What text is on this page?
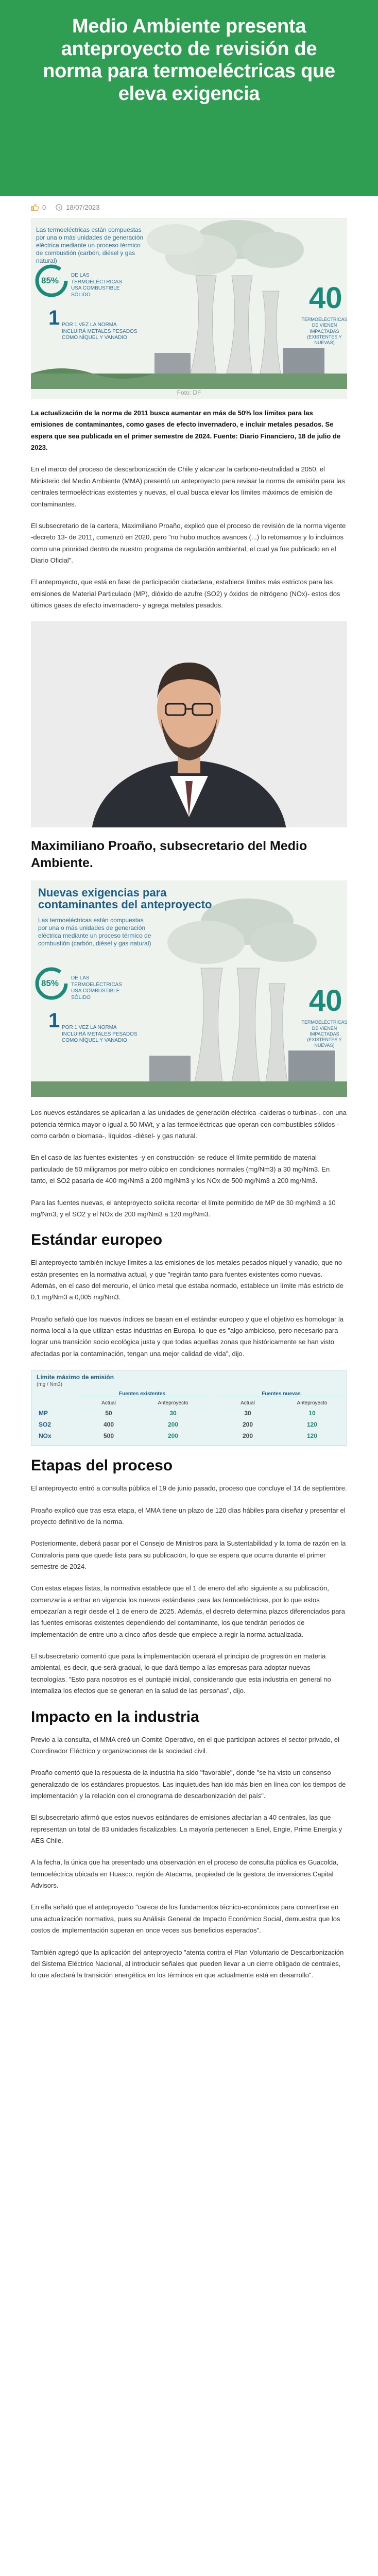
Medio Ambiente presenta anteproyecto de revisión de norma para termoeléctricas que eleva exigencia
0	18/07/2023
Las termoeléctricas están compuestas por una o más unidades de generación eléctrica mediante un proceso térmico de combustión (carbón, diésel y gas natural)
85%
DE LAS TERMOELÉCTRICAS USA COMBUSTIBLE SÓLIDO
1 POR 1 VEZ LA NORMA INCLUIRÁ METALES PESADOS COMO NÍQUEL Y VANADIO
40
TERMOELÉCTRICAS DE VIENEN IMPACTADAS (EXISTENTES Y NUEVAS)
Foto: DF

La actualización de la norma de 2011 busca aumentar en más de 50% los límites para las emisiones de contaminantes, como gases de efecto invernadero, e incluir metales pesados. Se espera que sea publicada en el primer semestre de 2024. Fuente: Diario Financiero, 18 de julio de 2023.

En el marco del proceso de descarbonización de Chile y alcanzar la carbono-neutralidad a 2050, el Ministerio del Medio Ambiente (MMA) presentó un anteproyecto para revisar la norma de emisión para las centrales termoeléctricas existentes y nuevas, el cual busca elevar los límites máximos de emisión de contaminantes.

El subsecretario de la cartera, Maximiliano Proaño, explicó que el proceso de revisión de la norma vigente -decreto 13- de 2011, comenzó en 2020, pero "no hubo muchos avances (...) lo retomamos y lo incluimos como una prioridad dentro de nuestro programa de regulación ambiental, el cual ya fue publicado en el Diario Oficial".

El anteproyecto, que está en fase de participación ciudadana, establece límites más estrictos para las emisiones de Material Particulado (MP), dióxido de azufre (SO2) y óxidos de nitrógeno (NOx)- estos dos últimos gases de efecto invernadero- y agrega metales pesados.

Maximiliano Proaño, subsecretario del Medio Ambiente.
Nuevas exigencias para contaminantes del anteproyecto
Las termoeléctricas están compuestas por una o más unidades de generación eléctrica mediante un proceso térmico de combustión (carbón, diésel y gas natural)
85%
DE LAS TERMOELÉCTRICAS USA COMBUSTIBLE SÓLIDO
1 POR 1 VEZ LA NORMA INCLUIRÁ METALES PESADOS COMO NÍQUEL Y VANADIO
40
TERMOELÉCTRICAS DE VIENEN IMPACTADAS (EXISTENTES Y NUEVAS)

Los nuevos estándares se aplicarían a las unidades de generación eléctrica -calderas o turbinas-, con una potencia térmica mayor o igual a 50 MWt, y a las termoeléctricas que operan con combustibles sólidos -como carbón o biomasa-, líquidos -diésel- y gas natural.

En el caso de las fuentes existentes -y en construcción- se reduce el límite permitido de material particulado de 50 miligramos por metro cúbico en condiciones normales (mg/Nm3) a 30 mg/Nm3. En tanto, el SO2 pasaría de 400 mg/Nm3 a 200 mg/Nm3 y los NOx de 500 mg/Nm3 a 200 mg/Nm3.

Para las fuentes nuevas, el anteproyecto solicita recortar el límite permitido de MP de 30 mg/Nm3 a 10 mg/Nm3, y el SO2 y el NOx de 200 mg/Nm3 a 120 mg/Nm3.

Estándar europeo

El anteproyecto también incluye límites a las emisiones de los metales pesados níquel y vanadio, que no están presentes en la normativa actual, y que "regirán tanto para fuentes existentes como nuevas. Además, en el caso del mercurio, el único metal que estaba normado, establece un límite más estricto de 0,1 mg/Nm3 a 0,005 mg/Nm3.

Proaño señaló que los nuevos índices se basan en el estándar europeo y que el objetivo es homologar la norma local a la que utilizan estas industrias en Europa, lo que es "algo ambicioso, pero necesario para lograr una transición socio ecológica justa y que todas aquellas zonas que históricamente se han visto afectadas por la contaminación, tengan una mejor calidad de vida", dijo.

Límite máximo de emisión
(mg / Nm3)
Fuentes existentes	Fuentes nuevas
Actual	Anteproyecto	Actual	Anteproyecto
MP	50	30	30	10
SO2	400	200	200	120
NOx	500	200	200	120
Etapas del proceso

El anteproyecto entró a consulta pública el 19 de junio pasado, proceso que concluye el 14 de septiembre.

Proaño explicó que tras esta etapa, el MMA tiene un plazo de 120 días hábiles para diseñar y presentar el proyecto definitivo de la norma.

Posteriormente, deberá pasar por el Consejo de Ministros para la Sustentabilidad y la toma de razón en la Contraloría para que quede lista para su publicación, lo que se espera que ocurra durante el primer semestre de 2024.

Con estas etapas listas, la normativa establece que el 1 de enero del año siguiente a su publicación, comenzaría a entrar en vigencia los nuevos estándares para las termoeléctricas, por lo que estos empezarían a regir desde el 1 de enero de 2025. Además, el decreto determina plazos diferenciados para las fuentes emisoras existentes dependiendo del contaminante, los que tendrán periodos de implementación de entre uno a cinco años desde que empiece a regir la norma actualizada.

El subsecretario comentó que para la implementación operará el principio de progresión en materia ambiental, es decir, que será gradual, lo que dará tiempo a las empresas para adoptar nuevas tecnologías. "Esto para nosotros es el puntapié inicial, considerando que esta industria en general no internaliza los efectos que se generan en la salud de las personas", dijo.

Impacto en la industria

Previo a la consulta, el MMA creó un Comité Operativo, en el que participan actores el sector privado, el Coordinador Eléctrico y organizaciones de la sociedad civil.

Proaño comentó que la respuesta de la industria ha sido "favorable", donde "se ha visto un consenso generalizado de los estándares propuestos. Las inquietudes han ido más bien en línea con los tiempos de implementación y la relación con el cronograma de descarbonización del país".

El subsecretario afirmó que estos nuevos estándares de emisiones afectarían a 40 centrales, las que representan un total de 83 unidades fiscalizables. La mayoría pertenecen a Enel, Engie, Prime Energía y AES Chile.

A la fecha, la única que ha presentado una observación en el proceso de consulta pública es Guacolda, termoeléctrica ubicada en Huasco, región de Atacama, propiedad de la gestora de inversiones Capital Advisors.

En ella señaló que el anteproyecto "carece de los fundamentos técnico-económicos para convertirse en una actualización normativa, pues su Análisis General de Impacto Económico Social, demuestra que los costos de implementación superan en once veces sus beneficios esperados".

También agregó que la aplicación del anteproyecto "atenta contra el Plan Voluntario de Descarbonización del Sistema Eléctrico Nacional, al introducir señales que pueden llevar a un cierre obligado de centrales, lo que afectará la transición energética en los términos en que actualmente está en desarrollo".
